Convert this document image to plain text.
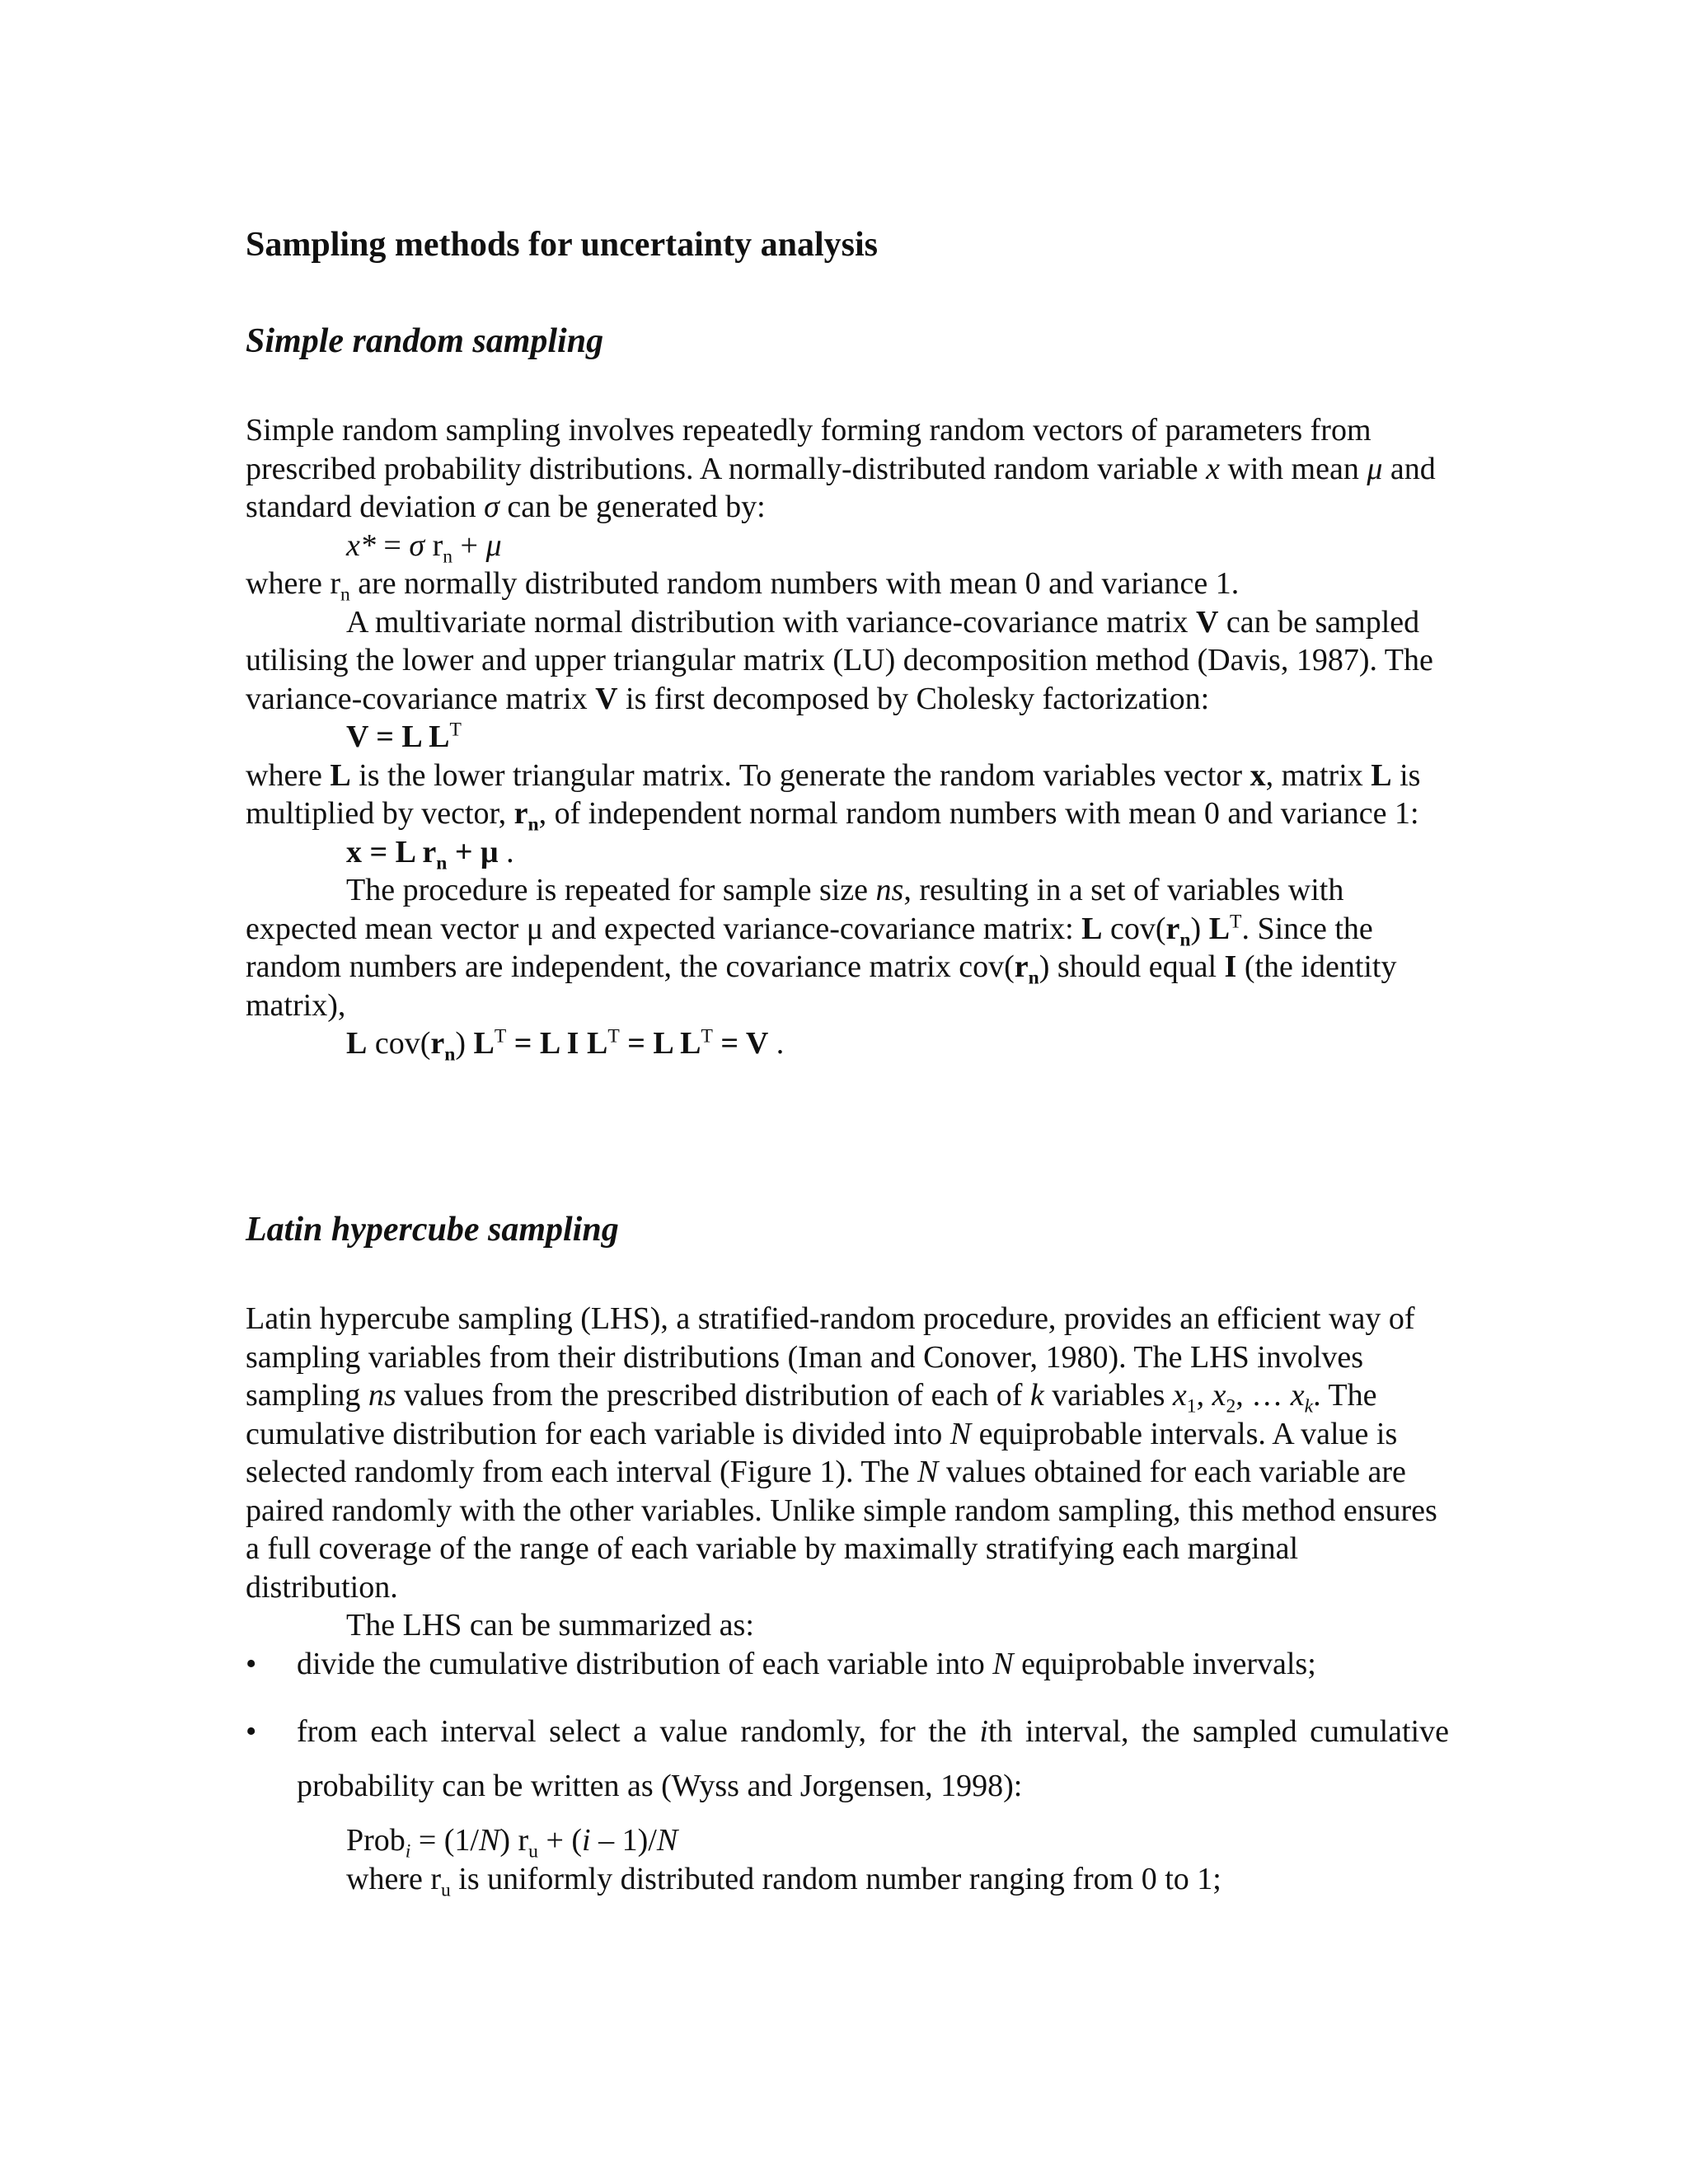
Sampling methods for uncertainty analysis
Simple random sampling

Simple random sampling involves repeatedly forming random vectors of parameters from prescribed probability distributions. A normally-distributed random variable x with mean μ and standard deviation σ can be generated by:

x* = σ $r_n + \mu$

where $r_n$ are normally distributed random numbers with mean 0 and variance 1.

A multivariate normal distribution with variance-covariance matrix V can be sampled utilising the lower and upper triangular matrix (LU) decomposition method (Davis, 1987). The variance-covariance matrix V is first decomposed by Cholesky factorization:

V = L $L^T$

where L is the lower triangular matrix. To generate the random variables vector x, matrix L is multiplied by vector, $r_n$, of independent normal random numbers with mean 0 and variance 1:

x = L $r_n + \mu$ .

The procedure is repeated for sample size ns, resulting in a set of variables with expected mean vector μ and expected variance-covariance matrix: L $cov(r_n)$ $L^T$. Since the random numbers are independent, the covariance matrix $cov(r_n)$ should equal I (the identity matrix),

L $cov(r_n) L^T = L$ I $L^T = L$ $L^T = V$ .

Latin hypercube sampling

Latin hypercube sampling (LHS), a stratified-random procedure, provides an efficient way of sampling variables from their distributions (Iman and Conover, 1980). The LHS involves sampling ns values from the prescribed distribution of each of k variables $x_1$, $x_2$, … $x_k$. The cumulative distribution for each variable is divided into N equiprobable intervals. A value is selected randomly from each interval (Figure 1). The N values obtained for each variable are paired randomly with the other variables. Unlike simple random sampling, this method ensures a full coverage of the range of each variable by maximally stratifying each marginal distribution.

The LHS can be summarized as:

• divide the cumulative distribution of each variable into N equiprobable invervals;
• from each interval select a value randomly, for the ith interval, the sampled cumulative probability can be written as (Wyss and Jorgensen, 1998):

Prob$_i$ = (1/N) $r_u + (i - 1)/N$

where $r_u$ is uniformly distributed random number ranging from 0 to 1;
